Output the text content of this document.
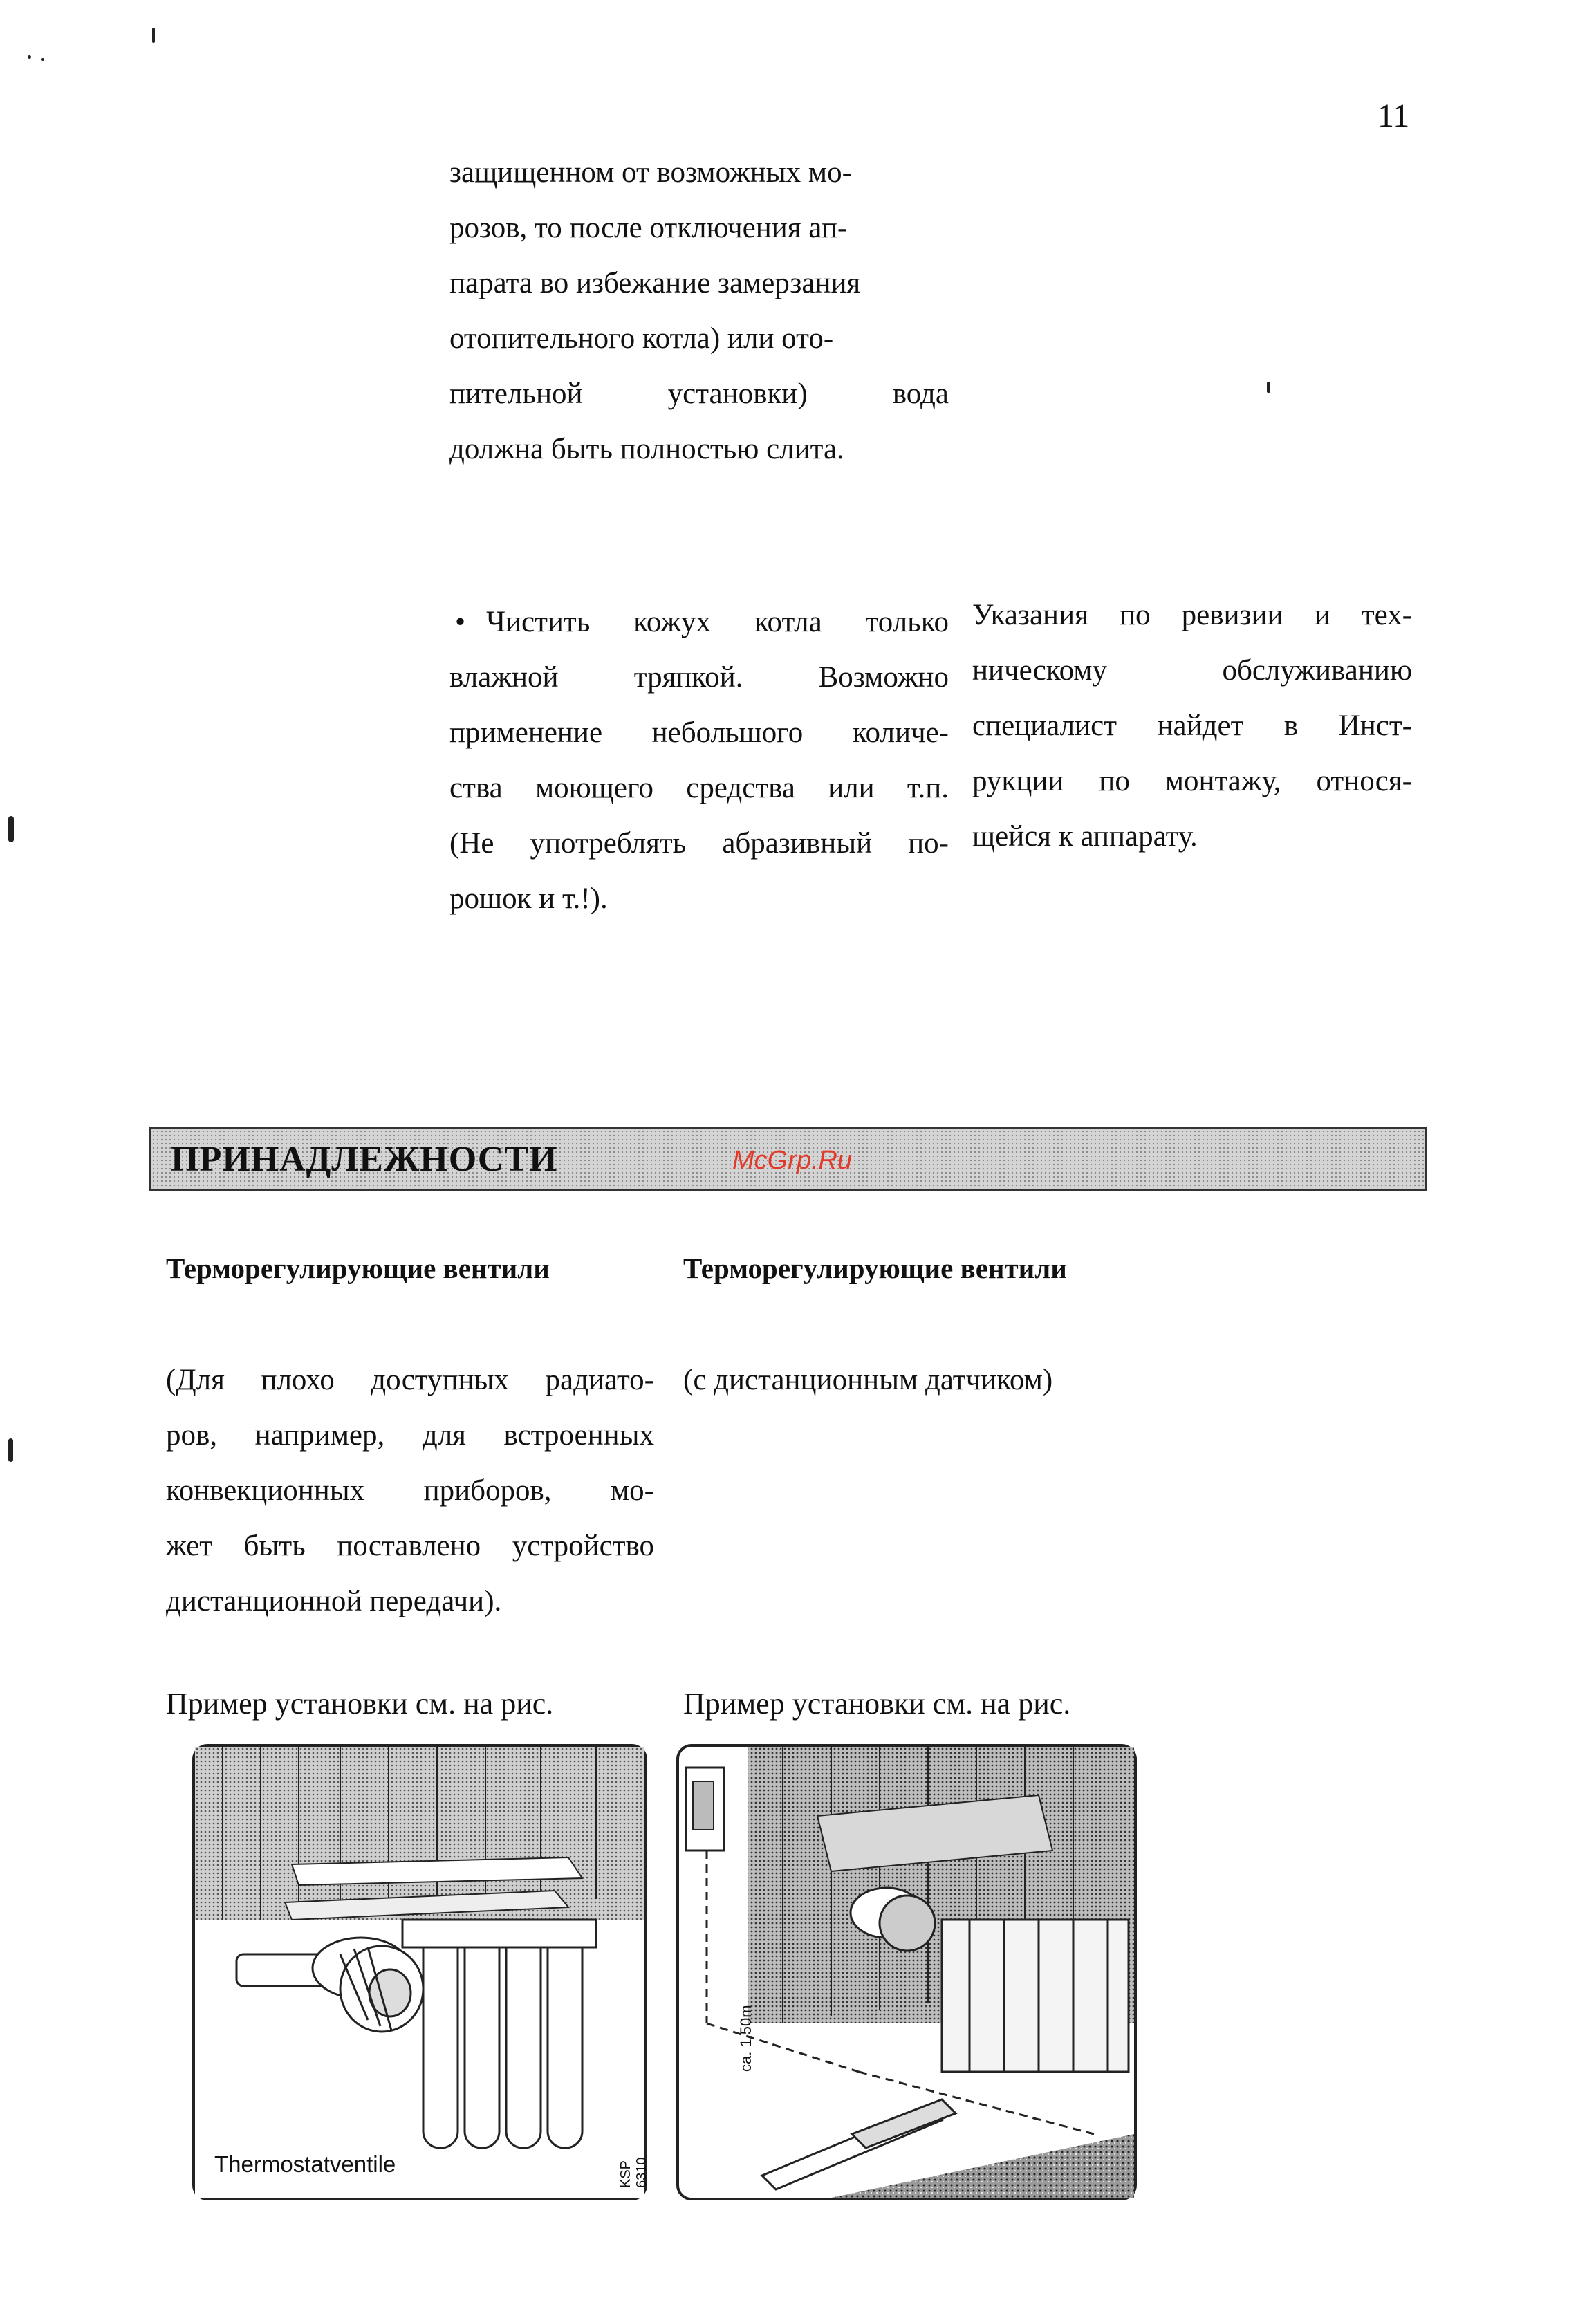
11
защищенном от возможных мо-
розов, то после отключения ап-
парата во избежание замерзания
отопительного котла) или ото-
пительной установки) вода
должна быть полностью слита.
• Чистить кожух котла только
влажной тряпкой. Возможно
применение небольшого количе-
ства моющего средства или т.п.
(Не употреблять абразивный по-
рошок и т.!).
Указания по ревизии и тех-
ническому обслуживанию
специалист найдет в Инст-
рукции по монтажу, относя-
щейся к аппарату.
ПРИНАДЛЕЖНОСТИ	McGrp.Ru
Терморегулирующие вентили
(Для плохо доступных радиато-
ров, например, для встроенных
конвекционных приборов, мо-
жет быть поставлено устройство
дистанционной передачи).
Пример установки см. на рис.
Терморегулирующие вентили
(с дистанционным датчиком)
Пример установки см. на рис.
Thermostatventile	KSP 6310
ca. 1,50m
